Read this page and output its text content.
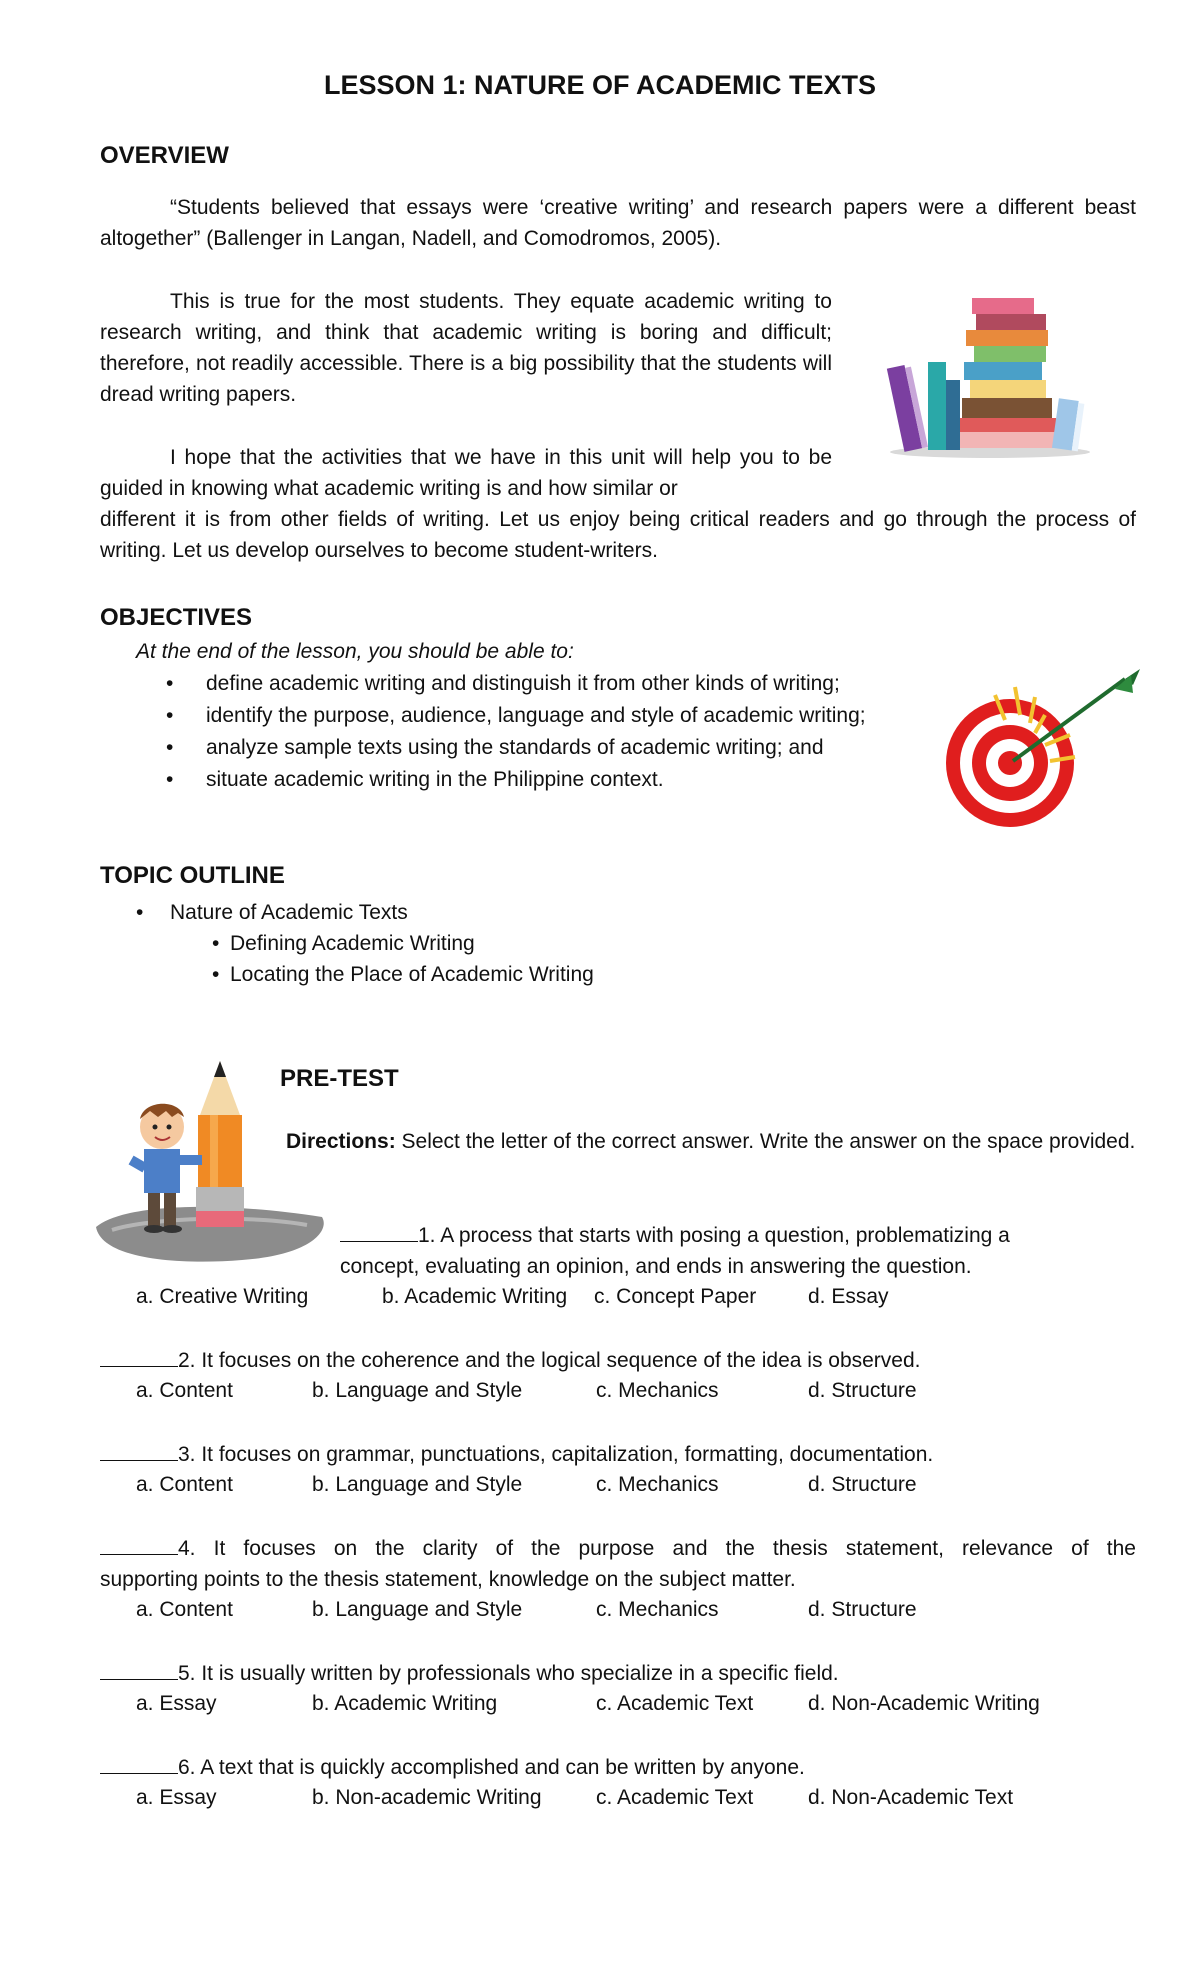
LESSON 1: NATURE OF ACADEMIC TEXTS
OVERVIEW
“Students believed that essays were ‘creative writing’ and research papers were a different beast altogether” (Ballenger in Langan, Nadell, and Comodromos, 2005).
This is true for the most students. They equate academic writing to research writing, and think that academic writing is boring and difficult; therefore, not readily accessible. There is a big possibility that the students will dread writing papers.
I hope that the activities that we have in this unit will help you to be guided in knowing what academic writing is and how similar or
different it is from other fields of writing. Let us enjoy being critical readers and go through the process of writing. Let us develop ourselves to become student-writers.
OBJECTIVES
At the end of the lesson, you should be able to:
• define academic writing and distinguish it from other kinds of writing;
• identify the purpose, audience, language and style of academic writing;
• analyze sample texts using the standards of academic writing; and
• situate academic writing in the Philippine context.
TOPIC OUTLINE
• Nature of Academic Texts
• Defining Academic Writing
• Locating the Place of Academic Writing
PRE-TEST
Directions: Select the letter of the correct answer. Write the answer on the space provided.
1. A process that starts with posing a question, problematizing a
concept, evaluating an opinion, and ends in answering the question.
a. Creative Writing	b. Academic Writing c. Concept Paper d. Essay
2. It focuses on the coherence and the logical sequence of the idea is observed.
a. Content	b. Language and Style	c. Mechanics	d. Structure
3. It focuses on grammar, punctuations, capitalization, formatting, documentation.
a. Content	b. Language and Style	c. Mechanics	d. Structure
4. It focuses on the clarity of the purpose and the thesis statement, relevance of the
supporting points to the thesis statement, knowledge on the subject matter.
a. Content	b. Language and Style	c. Mechanics	d. Structure
5. It is usually written by professionals who specialize in a specific field.
a. Essay	b. Academic Writing	c. Academic Text	d. Non-Academic Writing
6. A text that is quickly accomplished and can be written by anyone.
a. Essay	b. Non-academic Writing	c. Academic Text	d. Non-Academic Text
